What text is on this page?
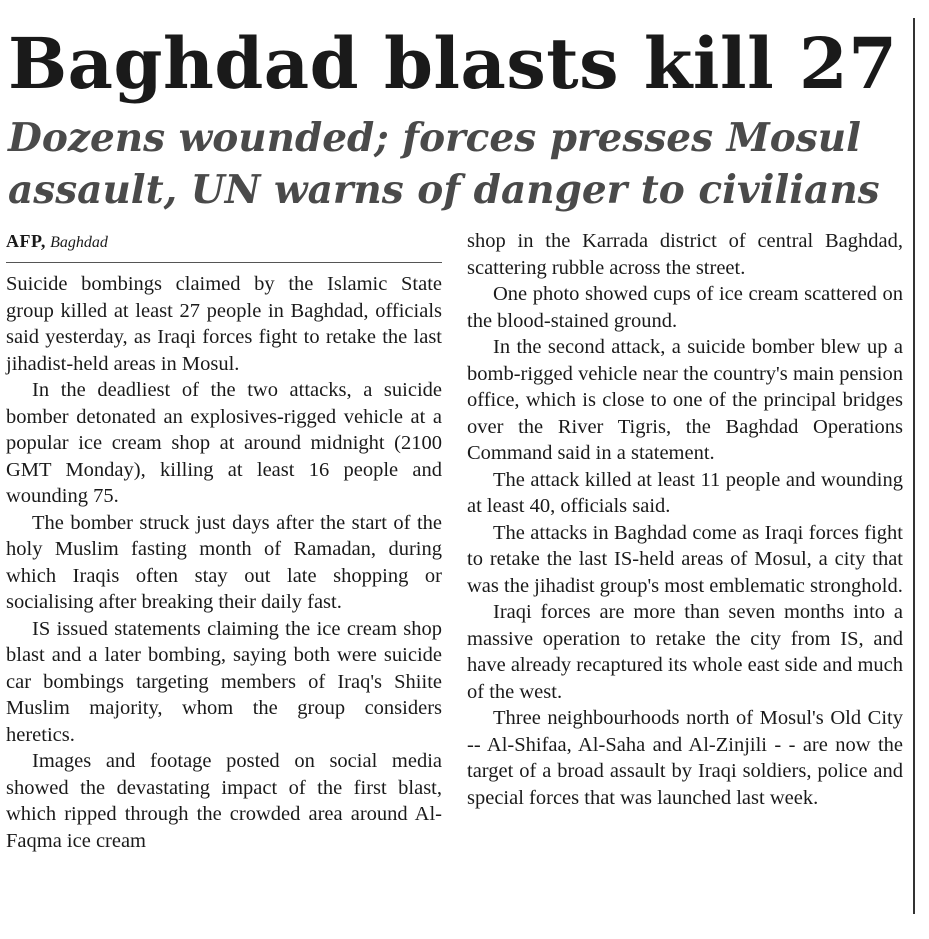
Baghdad blasts kill 27
Dozens wounded; forces presses Mosul
assault, UN warns of danger to civilians
AFP, Baghdad

Suicide bombings claimed by the Islamic State group killed at least 27 people in Baghdad, officials said yesterday, as Iraqi forces fight to retake the last jihadist-held areas in Mosul.

In the deadliest of the two attacks, a suicide bomber detonated an explosives-rigged vehicle at a popular ice cream shop at around midnight (2100 GMT Monday), killing at least 16 people and wounding 75.

The bomber struck just days after the start of the holy Muslim fasting month of Ramadan, during which Iraqis often stay out late shopping or socialising after breaking their daily fast.

IS issued statements claiming the ice cream shop blast and a later bombing, saying both were suicide car bombings targeting members of Iraq's Shiite Muslim majority, whom the group considers heretics.

Images and footage posted on social media showed the devastating impact of the first blast, which ripped through the crowded area around Al-Faqma ice cream

shop in the Karrada district of central Baghdad, scattering rubble across the street.

One photo showed cups of ice cream scattered on the blood-stained ground.

In the second attack, a suicide bomber blew up a bomb-rigged vehicle near the country's main pension office, which is close to one of the principal bridges over the River Tigris, the Baghdad Operations Command said in a statement.

The attack killed at least 11 people and wounding at least 40, officials said.

The attacks in Baghdad come as Iraqi forces fight to retake the last IS-held areas of Mosul, a city that was the jihadist group's most emblematic stronghold.

Iraqi forces are more than seven months into a massive operation to retake the city from IS, and have already recaptured its whole east side and much of the west.

Three neighbourhoods north of Mosul's Old City -- Al-Shifaa, Al-Saha and Al-Zinjili - - are now the target of a broad assault by Iraqi soldiers, police and special forces that was launched last week.
